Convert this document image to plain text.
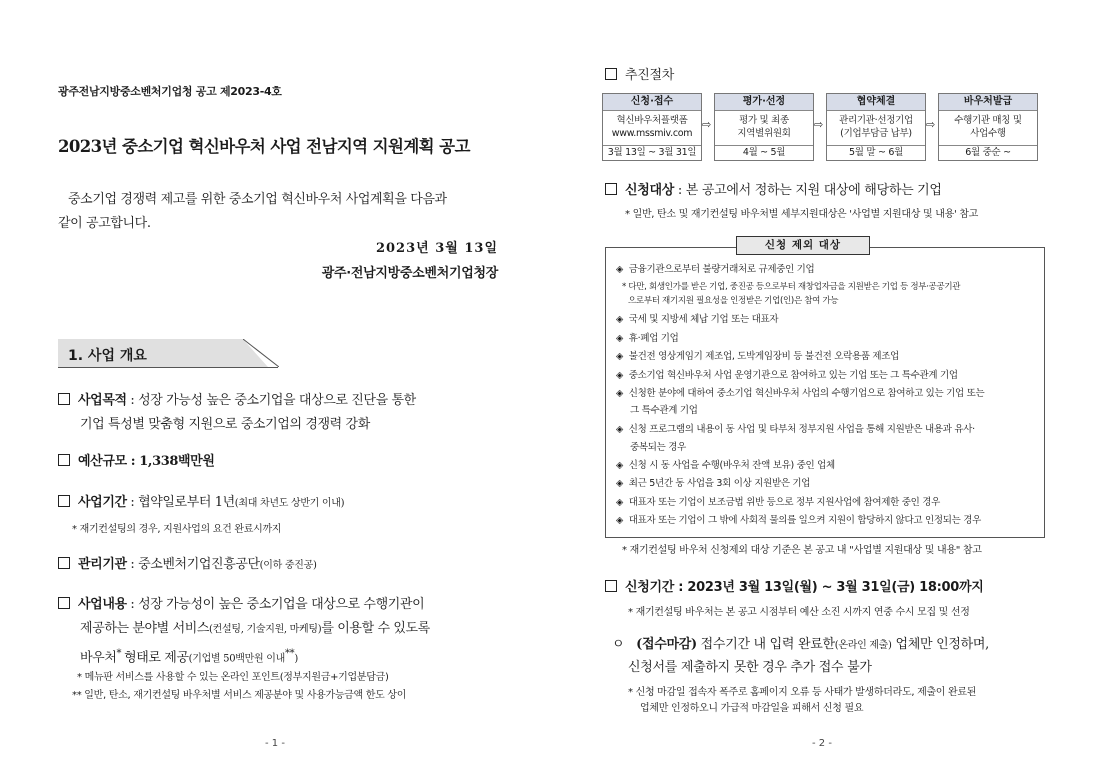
광주전남지방중소벤처기업청 공고 제2023-4호
2023년 중소기업 혁신바우처 사업 전남지역 지원계획 공고
중소기업 경쟁력 제고를 위한 중소기업 혁신바우처 사업계획을 다음과
같이 공고합니다.
2023년 3월 13일
광주·전남지방중소벤처기업청장
1. 사업 개요
사업목적 : 성장 가능성 높은 중소기업을 대상으로 진단을 통한
기업 특성별 맞춤형 지원으로 중소기업의 경쟁력 강화
예산규모 : 1,338백만원
사업기간 : 협약일로부터 1년(최대 차년도 상반기 이내)
* 재기컨설팅의 경우, 지원사업의 요건 완료시까지
관리기관 : 중소벤처기업진흥공단(이하 중진공)
사업내용 : 성장 가능성이 높은 중소기업을 대상으로 수행기관이
제공하는 분야별 서비스(컨설팅, 기술지원, 마케팅)를 이용할 수 있도록
바우처* 형태로 제공(기업별 50백만원 이내**)
* 메뉴판 서비스를 사용할 수 있는 온라인 포인트(정부지원금+기업분담금)
** 일반, 탄소, 재기컨설팅 바우처별 서비스 제공분야 및 사용가능금액 한도 상이
- 1 -
추진절차
신청·접수
혁신바우처플랫폼
www.mssmiv.com
3월 13일 ~ 3월 31일
⇨
평가·선정
평가 및 최종
지역별위원회
4월 ~ 5월
⇨
협약체결
관리기관·선정기업
(기업부담금 납부)
5월 말 ~ 6월
⇨
바우처발급
수행기관 매칭 및
사업수행
6월 중순 ~
신청대상 : 본 공고에서 정하는 지원 대상에 해당하는 기업
* 일반, 탄소 및 재기컨설팅 바우처별 세부지원대상은 '사업별 지원대상 및 내용' 참고
신청 제외 대상
◈ 금융기관으로부터 불량거래처로 규제중인 기업
* 다만, 회생인가를 받은 기업, 중진공 등으로부터 재창업자금을 지원받은 기업 등 정부·공공기관
으로부터 재기지원 필요성을 인정받은 기업(인)은 참여 가능
◈ 국세 및 지방세 체납 기업 또는 대표자
◈ 휴·폐업 기업
◈ 불건전 영상게임기 제조업, 도박게임장비 등 불건전 오락용품 제조업
◈ 중소기업 혁신바우처 사업 운영기관으로 참여하고 있는 기업 또는 그 특수관계 기업
◈ 신청한 분야에 대하여 중소기업 혁신바우처 사업의 수행기업으로 참여하고 있는 기업 또는
그 특수관계 기업
◈ 신청 프로그램의 내용이 동 사업 및 타부처 정부지원 사업을 통해 지원받은 내용과 유사·
중복되는 경우
◈ 신청 시 동 사업을 수행(바우처 잔액 보유) 중인 업체
◈ 최근 5년간 동 사업을 3회 이상 지원받은 기업
◈ 대표자 또는 기업이 보조금법 위반 등으로 정부 지원사업에 참여제한 중인 경우
◈ 대표자 또는 기업이 그 밖에 사회적 물의를 일으켜 지원이 합당하지 않다고 인정되는 경우
* 재기컨설팅 바우처 신청제외 대상 기준은 본 공고 내 "사업별 지원대상 및 내용" 참고
신청기간 : 2023년 3월 13일(월) ~ 3월 31일(금) 18:00까지
* 재기컨설팅 바우처는 본 공고 시점부터 예산 소진 시까지 연중 수시 모집 및 선정
ㅇ (접수마감) 접수기간 내 입력 완료한(온라인 제출) 업체만 인정하며,
신청서를 제출하지 못한 경우 추가 접수 불가
* 신청 마감일 접속자 폭주로 홈페이지 오류 등 사태가 발생하더라도, 제출이 완료된
업체만 인정하오니 가급적 마감일을 피해서 신청 필요
- 2 -
